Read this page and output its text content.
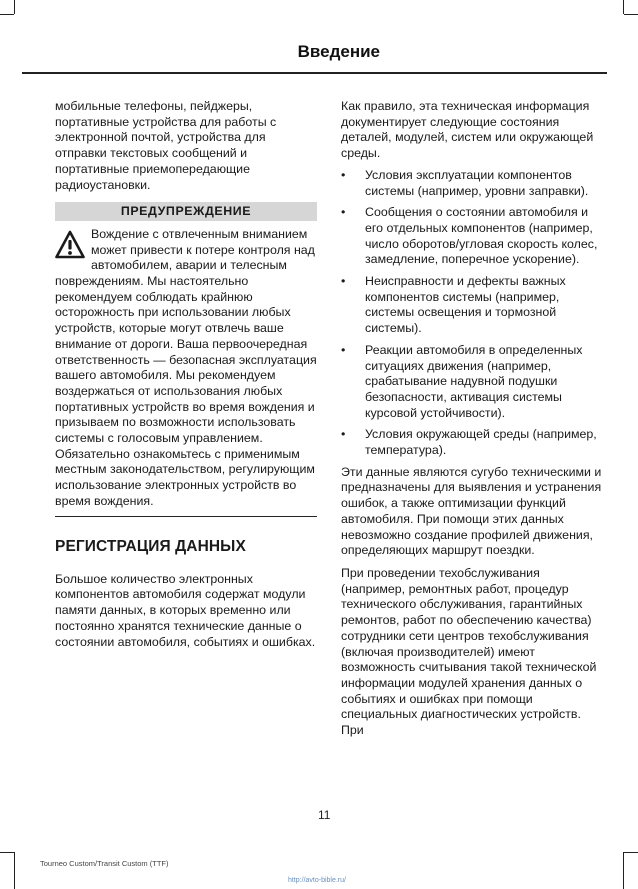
Введение

мобильные телефоны, пейджеры, портативные устройства для работы с электронной почтой, устройства для отправки текстовых сообщений и портативные приемопередающие радиоустановки.

ПРЕДУПРЕЖДЕНИЕ
Вождение с отвлеченным вниманием может привести к потере контроля над
автомобилем, аварии и телесным повреждениям. Мы настоятельно рекомендуем соблюдать крайнюю осторожность при использовании любых устройств, которые могут отвлечь ваше внимание от дороги. Ваша первоочередная ответственность — безопасная эксплуатация вашего автомобиля. Мы рекомендуем воздержаться от использования любых портативных устройств во время вождения и призываем по возможности использовать системы с голосовым управлением. Обязательно ознакомьтесь с применимым местным законодательством, регулирующим использование электронных устройств во время вождения.
РЕГИСТРАЦИЯ ДАННЫХ

Большое количество электронных компонентов автомобиля содержат модули памяти данных, в которых временно или постоянно хранятся технические данные о состоянии автомобиля, событиях и ошибках.

Как правило, эта техническая информация документирует следующие состояния деталей, модулей, систем или окружающей среды.

• Условия эксплуатации компонентов системы (например, уровни заправки).
• Сообщения о состоянии автомобиля и его отдельных компонентов (например, число оборотов/угловая скорость колес, замедление, поперечное ускорение).
• Неисправности и дефекты важных компонентов системы (например, системы освещения и тормозной системы).
• Реакции автомобиля в определенных ситуациях движения (например, срабатывание надувной подушки безопасности, активация системы курсовой устойчивости).
• Условия окружающей среды (например, температура).

Эти данные являются сугубо техническими и предназначены для выявления и устранения ошибок, а также оптимизации функций автомобиля. При помощи этих данных невозможно создание профилей движения, определяющих маршрут поездки.

При проведении техобслуживания (например, ремонтных работ, процедур технического обслуживания, гарантийных ремонтов, работ по обеспечению качества) сотрудники сети центров техобслуживания (включая производителей) имеют возможность считывания такой технической информации модулей хранения данных о событиях и ошибках при помощи специальных диагностических устройств. При

11
Tourneo Custom/Transit Custom (TTF)
http://avto-bible.ru/
